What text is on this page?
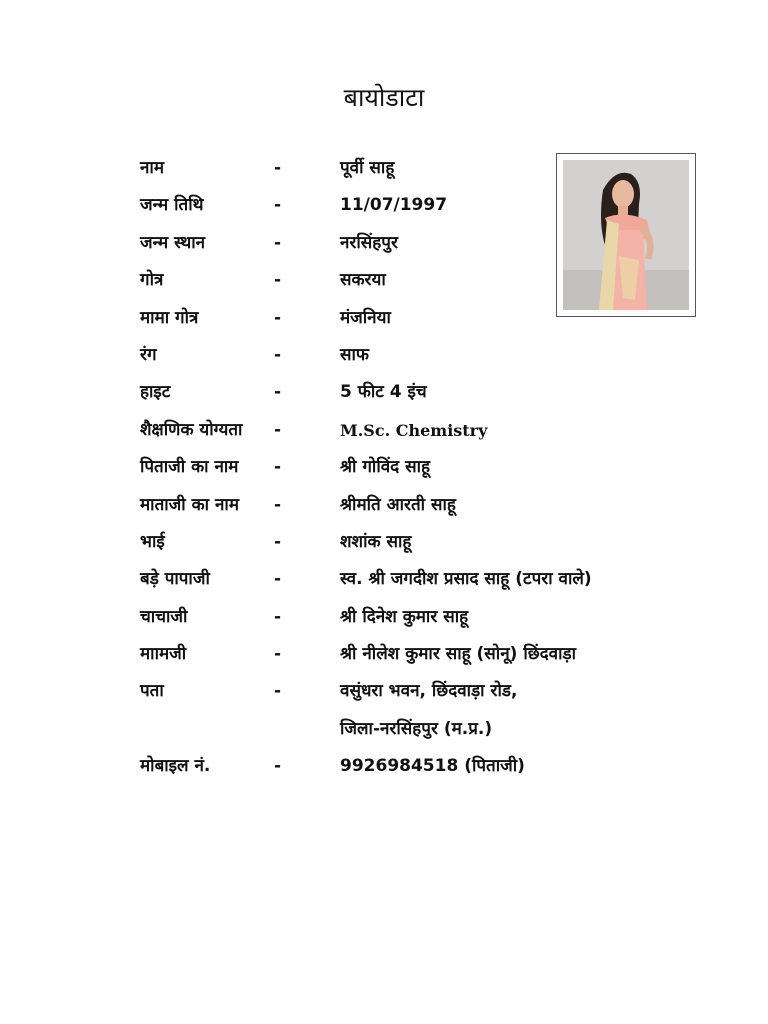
बायोडाटा
नाम	-	पूर्वी साहू
जन्म तिथि	-	11/07/1997
जन्म स्थान	-	नरसिंहपुर
गोत्र	-	सकरया
मामा गोत्र	-	मंजनिया
रंग	-	साफ
हाइट	-	5 फीट 4 इंच
शैक्षणिक योग्यता	-	M.Sc. Chemistry
पिताजी का नाम	-	श्री गोविंद साहू
माताजी का नाम	-	श्रीमति आरती साहू
भाई	-	शशांक साहू
बड़े पापाजी	-	स्व. श्री जगदीश प्रसाद साहू (टपरा वाले)
चाचाजी	-	श्री दिनेश कुमार साहू
माामजी	-	श्री नीलेश कुमार साहू (सोनू) छिंदवाड़ा
पता	-	वसुंधरा भवन, छिंदवाड़ा रोड,
जिला-नरसिंहपुर (म.प्र.)
मोबाइल नं.	-	9926984518 (पिताजी)
